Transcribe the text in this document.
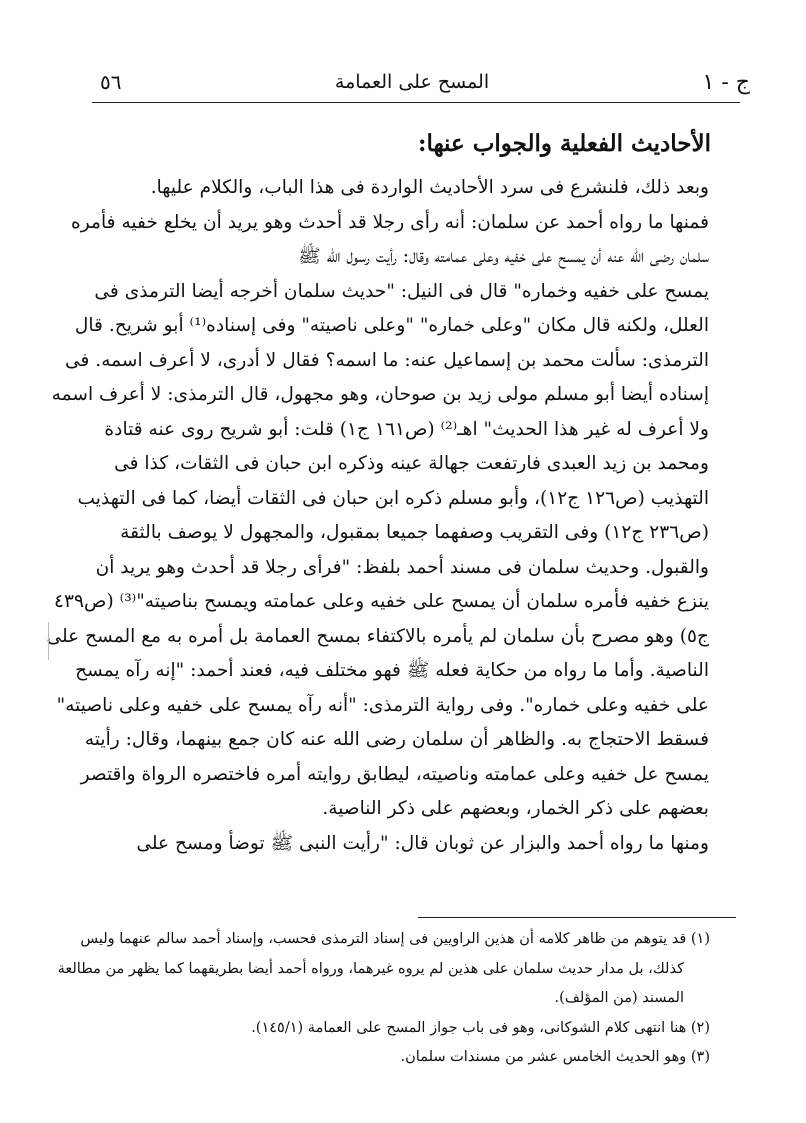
ج - ١
المسح على العمامة
٥٦
الأحاديث الفعلية والجواب عنها:
وبعد ذلك، فلنشرع فى سرد الأحاديث الواردة فى هذا الباب، والكلام عليها.
فمنها ما رواه أحمد عن سلمان: أنه رأى رجلا قد أحدث وهو يريد أن يخلع خفيه فأمره
سلمان رضى الله عنه أن يمسح على خفيه وعلى عمامته وقال: رأيت رسول الله ﷺ
يمسح على خفيه وخماره" قال فى النيل: "حديث سلمان أخرجه أيضا الترمذى فى
العلل، ولكنه قال مكان "وعلى خماره" "وعلى ناصيته" وفى إسناده⁽¹⁾ أبو شريح. قال
الترمذى: سألت محمد بن إسماعيل عنه: ما اسمه؟ فقال لا أدرى، لا أعرف اسمه. فى
إسناده أيضا أبو مسلم مولى زيد بن صوحان، وهو مجهول، قال الترمذى: لا أعرف اسمه
ولا أعرف له غير هذا الحديث" اهـ⁽²⁾ (ص١٦١ ج١) قلت: أبو شريح روى عنه قتادة
ومحمد بن زيد العبدى فارتفعت جهالة عينه وذكره ابن حبان فى الثقات، كذا فى
التهذيب (ص١٢٦ ج١٢)، وأبو مسلم ذكره ابن حبان فى الثقات أيضا، كما فى التهذيب
(ص٢٣٦ ج١٢) وفى التقريب وصفهما جميعا بمقبول، والمجهول لا يوصف بالثقة
والقبول. وحديث سلمان فى مسند أحمد بلفظ: "فرأى رجلا قد أحدث وهو يريد أن
ينزع خفيه فأمره سلمان أن يمسح على خفيه وعلى عمامته ويمسح بناصيته"⁽³⁾ (ص٤٣٩
ج٥) وهو مصرح بأن سلمان لم يأمره بالاكتفاء بمسح العمامة بل أمره به مع المسح على
الناصية. وأما ما رواه من حكاية فعله ﷺ فهو مختلف فيه، فعند أحمد: "إنه رآه يمسح
على خفيه وعلى خماره". وفى رواية الترمذى: "أنه رآه يمسح على خفيه وعلى ناصيته"
فسقط الاحتجاج به. والظاهر أن سلمان رضى الله عنه كان جمع بينهما، وقال: رأيته
يمسح عل خفيه وعلى عمامته وناصيته، ليطابق روايته أمره فاختصره الرواة واقتصر
بعضهم على ذكر الخمار، وبعضهم على ذكر الناصية.
ومنها ما رواه أحمد والبزار عن ثوبان قال: "رأيت النبى ﷺ توضأ ومسح على
(١) قد يتوهم من ظاهر كلامه أن هذين الراويين فى إسناد الترمذى فحسب، وإسناد أحمد سالم عنهما وليس
كذلك، بل مدار حديث سلمان على هذين لم يروه غيرهما، ورواه أحمد أيضا بطريقهما كما يظهر من مطالعة
المسند (من المؤلف).
(٢) هنا انتهى كلام الشوكانى، وهو فى باب جواز المسح على العمامة (١٤٥/١).
(٣) وهو الحديث الخامس عشر من مسندات سلمان.
